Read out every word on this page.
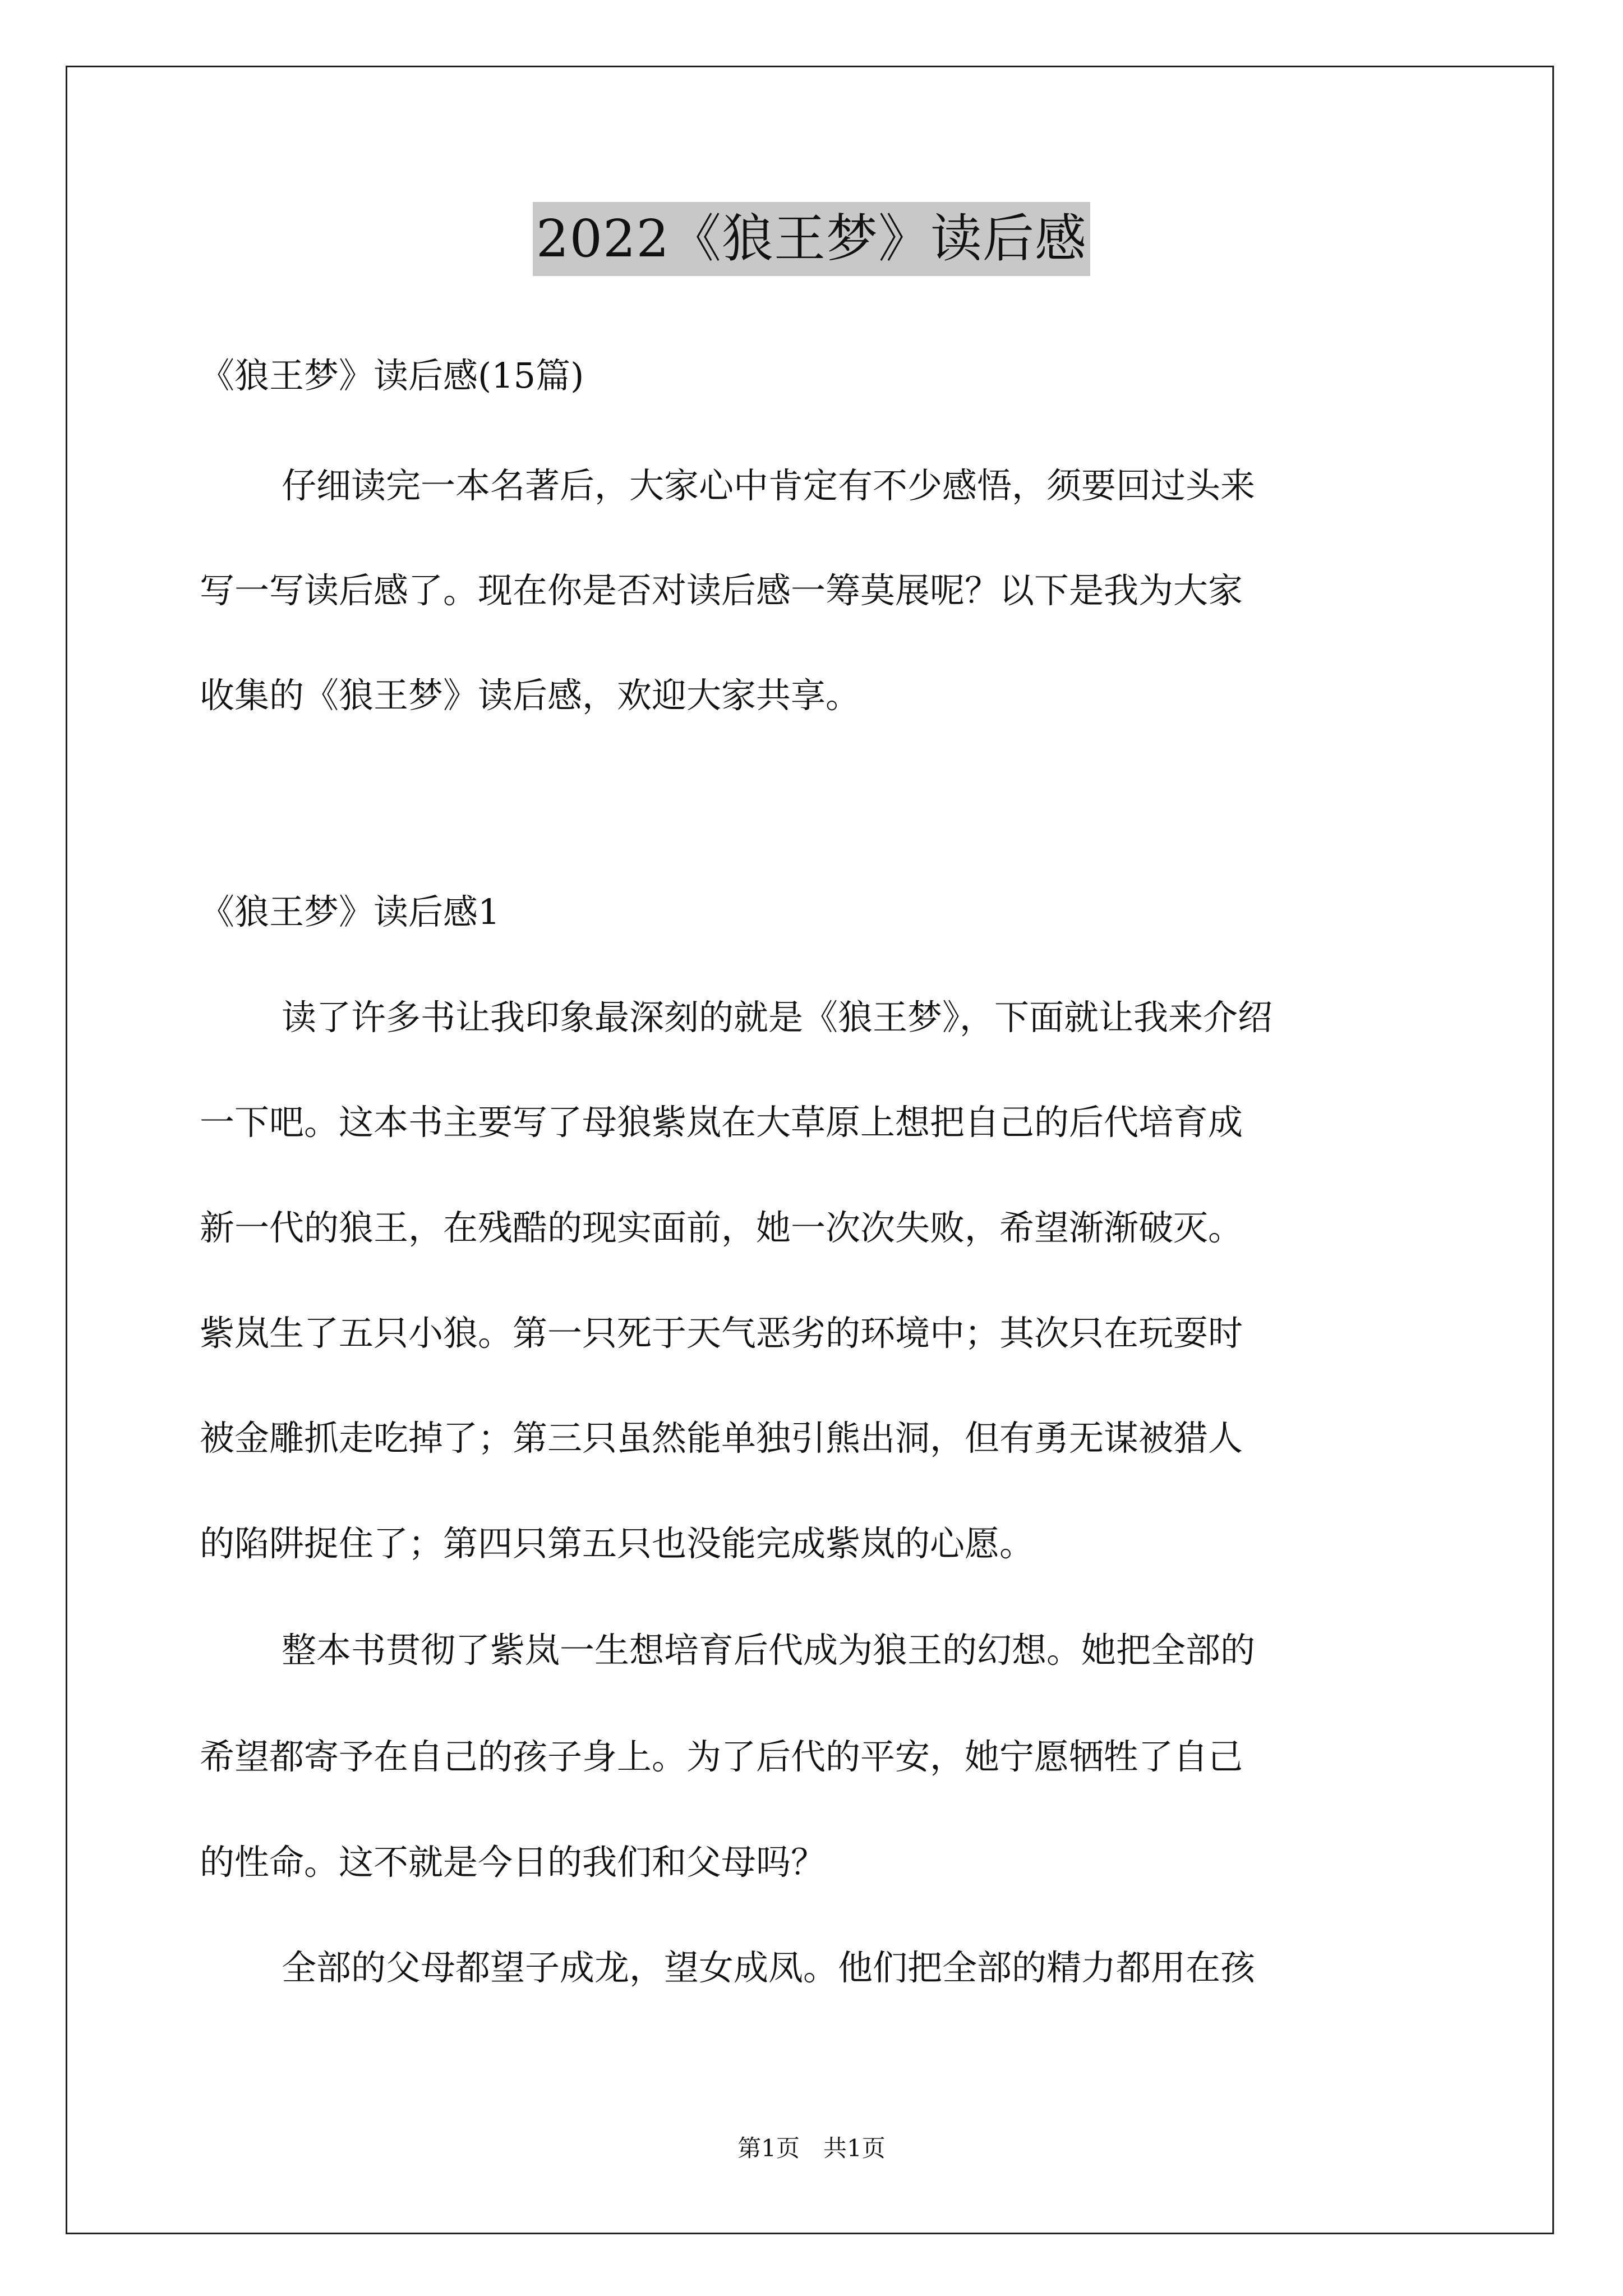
2022《狼王梦》读后感
《狼王梦》读后感(15篇)
仔细读完一本名著后，大家心中肯定有不少感悟，须要回过头来
写一写读后感了。现在你是否对读后感一筹莫展呢？以下是我为大家
收集的《狼王梦》读后感，欢迎大家共享。
《狼王梦》读后感1
读了许多书让我印象最深刻的就是《狼王梦》，下面就让我来介绍
一下吧。这本书主要写了母狼紫岚在大草原上想把自己的后代培育成
新一代的狼王，在残酷的现实面前，她一次次失败，希望渐渐破灭。
紫岚生了五只小狼。第一只死于天气恶劣的环境中；其次只在玩耍时
被金雕抓走吃掉了；第三只虽然能单独引熊出洞，但有勇无谋被猎人
的陷阱捉住了；第四只第五只也没能完成紫岚的心愿。
整本书贯彻了紫岚一生想培育后代成为狼王的幻想。她把全部的
希望都寄予在自己的孩子身上。为了后代的平安，她宁愿牺牲了自己
的性命。这不就是今日的我们和父母吗？
全部的父母都望子成龙，望女成凤。他们把全部的精力都用在孩
第1页　共1页
